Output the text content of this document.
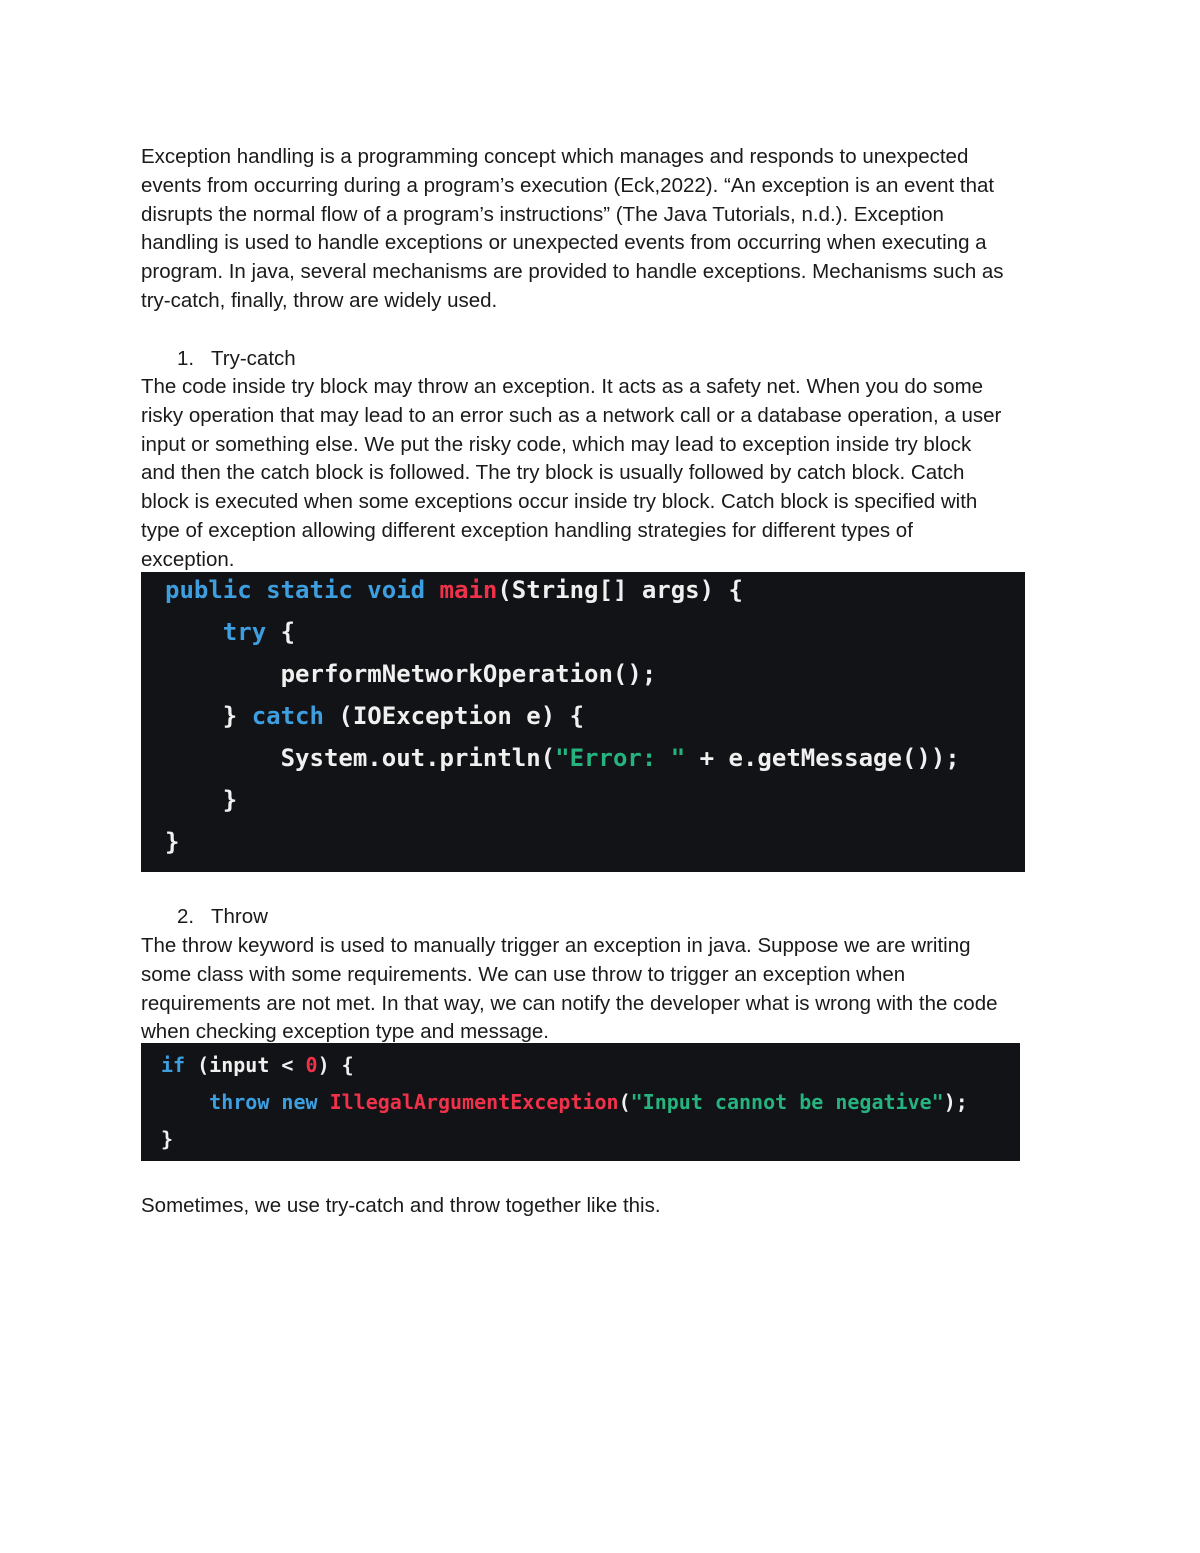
Exception handling is a programming concept which manages and responds to unexpected
events from occurring during a program’s execution (Eck,2022). “An exception is an event that
disrupts the normal flow of a program’s instructions” (The Java Tutorials, n.d.). Exception
handling is used to handle exceptions or unexpected events from occurring when executing a
program. In java, several mechanisms are provided to handle exceptions. Mechanisms such as
try-catch, finally, throw are widely used.
1. Try-catch
The code inside try block may throw an exception. It acts as a safety net. When you do some
risky operation that may lead to an error such as a network call or a database operation, a user
input or something else. We put the risky code, which may lead to exception inside try block
and then the catch block is followed. The try block is usually followed by catch block. Catch
block is executed when some exceptions occur inside try block. Catch block is specified with
type of exception allowing different exception handling strategies for different types of
exception.

public static void main(String[] args) {

try {

performNetworkOperation();

} catch (IOException e) {

System.out.println("Error: " + e.getMessage());

}

}

2. Throw
The throw keyword is used to manually trigger an exception in java. Suppose we are writing
some class with some requirements. We can use throw to trigger an exception when
requirements are not met. In that way, we can notify the developer what is wrong with the code
when checking exception type and message.

if (input < 0) {

throw new IllegalArgumentException("Input cannot be negative");

}

Sometimes, we use try-catch and throw together like this.
